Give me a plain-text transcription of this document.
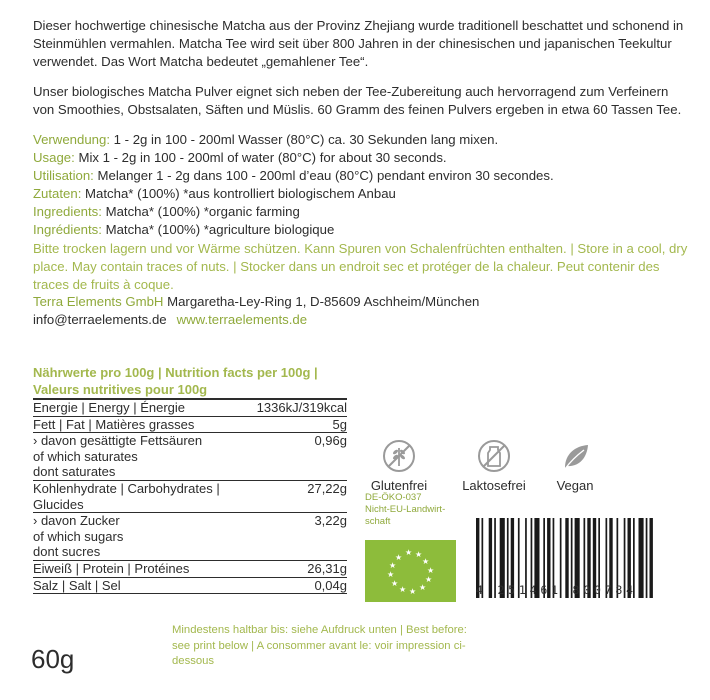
Dieser hochwertige chinesische Matcha aus der Provinz Zhejiang wurde traditionell beschattet und schonend in Steinmühlen vermahlen. Matcha Tee wird seit über 800 Jahren in der chinesischen und japanischen Teekultur verwendet. Das Wort Matcha bedeutet „gemahlener Tee“.

Unser biologisches Matcha Pulver eignet sich neben der Tee-Zubereitung auch hervorragend zum Verfeinern von Smoothies, Obstsalaten, Säften und Müslis. 60 Gramm des feinen Pulvers ergeben in etwa 60 Tassen Tee.

Verwendung: 1 - 2g in 100 - 200ml Wasser (80°C) ca. 30 Sekunden lang mixen.
Usage: Mix 1 - 2g in 100 - 200ml of water (80°C) for about 30 seconds.
Utilisation: Melanger 1 - 2g dans 100 - 200ml d’eau (80°C) pendant environ 30 secondes.
Zutaten: Matcha* (100%) *aus kontrolliert biologischem Anbau
Ingredients: Matcha* (100%) *organic farming
Ingrédients: Matcha* (100%) *agriculture biologique

Bitte trocken lagern und vor Wärme schützen. Kann Spuren von Schalenfrüchten enthalten. | Store in a cool, dry place. May contain traces of nuts. | Stocker dans un endroit sec et protéger de la chaleur. Peut contenir des traces de fruits à coque.

Terra Elements GmbH Margaretha-Ley-Ring 1, D-85609 Aschheim/München
info@terraelements.de www.terraelements.de
Nährwerte pro 100g | Nutrition facts per 100g | Valeurs nutritives pour 100g
Energie | Energy | Énergie	1336kJ/319kcal
Fett | Fat | Matières grasses	5g
› davon gesättigte Fettsäuren
of which saturates
dont saturates	0,96g
Kohlenhydrate | Carbohydrates |
Glucides	27,22g
› davon Zucker
of which sugars
dont sucres	3,22g
Eiweiß | Protein | Protéines	26,31g
Salz | Salt | Sel	0,04g
Glutenfrei	Laktosefrei	Vegan
DE-ÖKO-037
Nicht-EU-Landwirt-
schaft
★
★ ★
★
★
★
★
★ ★ ★
★
★
4 251461 800784
Mindestens haltbar bis: siehe Aufdruck unten | Best before: see print below | A consommer avant le: voir impression ci-dessous
60g
